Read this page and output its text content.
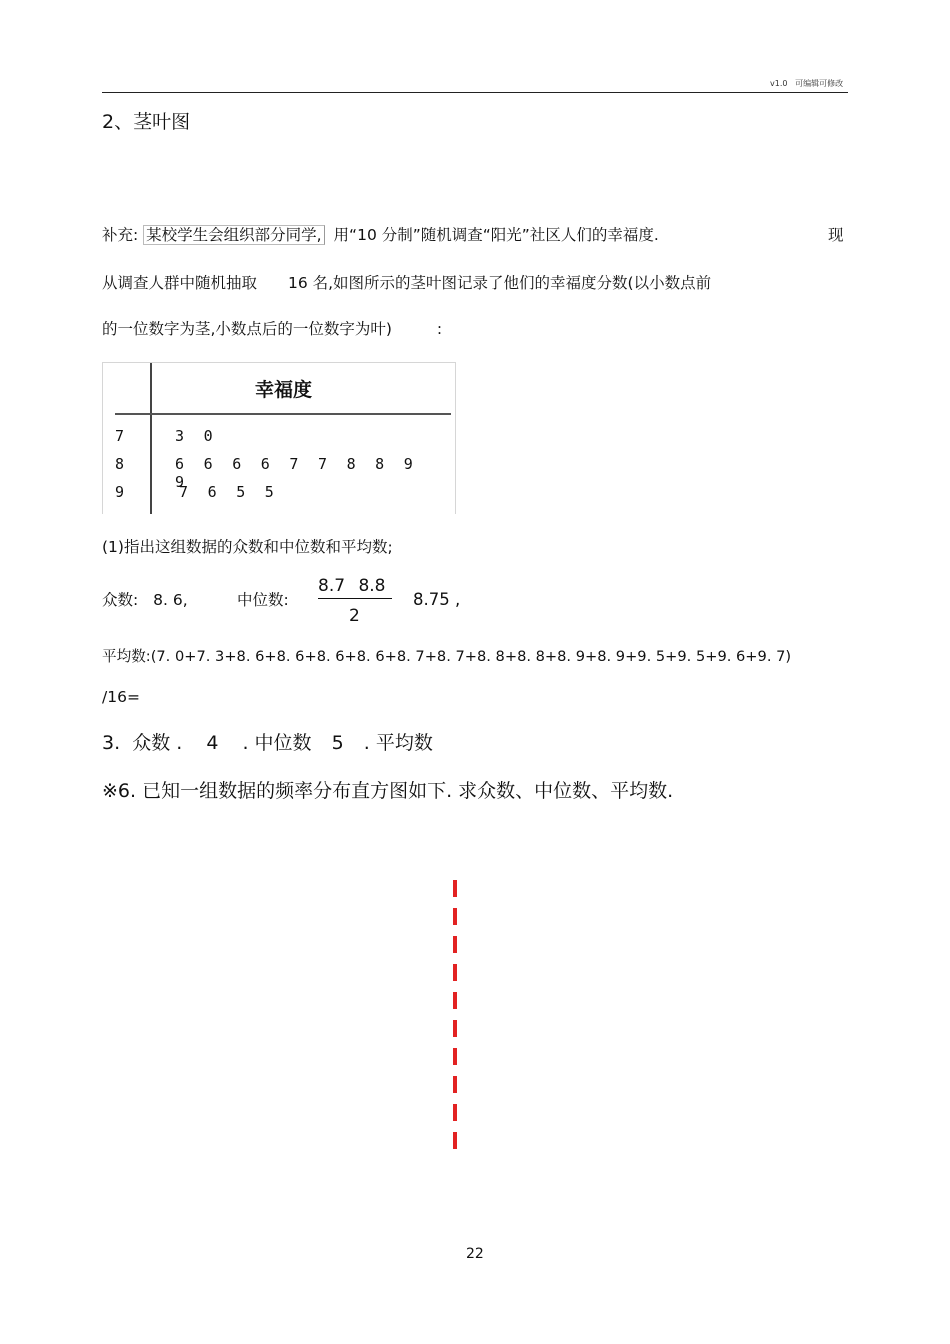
v1.0 可编辑可修改
2、茎叶图
补充: 某校学生会组织部分同学, 用“10 分制”随机调查“阳光”社区人们的幸福度.	现
从调查人群中随机抽取 16 名,如图所示的茎叶图记录了他们的幸福度分数(以小数点前
的一位数字为茎,小数点后的一位数字为叶)	:
幸福度
7	3 0
8	6 6 6 6 7 7 8 8 99
9	7 6 5 5
(1)指出这组数据的众数和中位数和平均数;
众数: 8. 6,	中位数:
8.7 8.8
2
8.75 ,
平均数:(7. 0+7. 3+8. 6+8. 6+8. 6+8. 6+8. 7+8. 7+8. 8+8. 8+8. 9+8. 9+9. 5+9. 5+9. 6+9. 7)
/16=
3. 众数 . 4 . 中位数 5 . 平均数
※6. 已知一组数据的频率分布直方图如下. 求众数、中位数、平均数.
22
